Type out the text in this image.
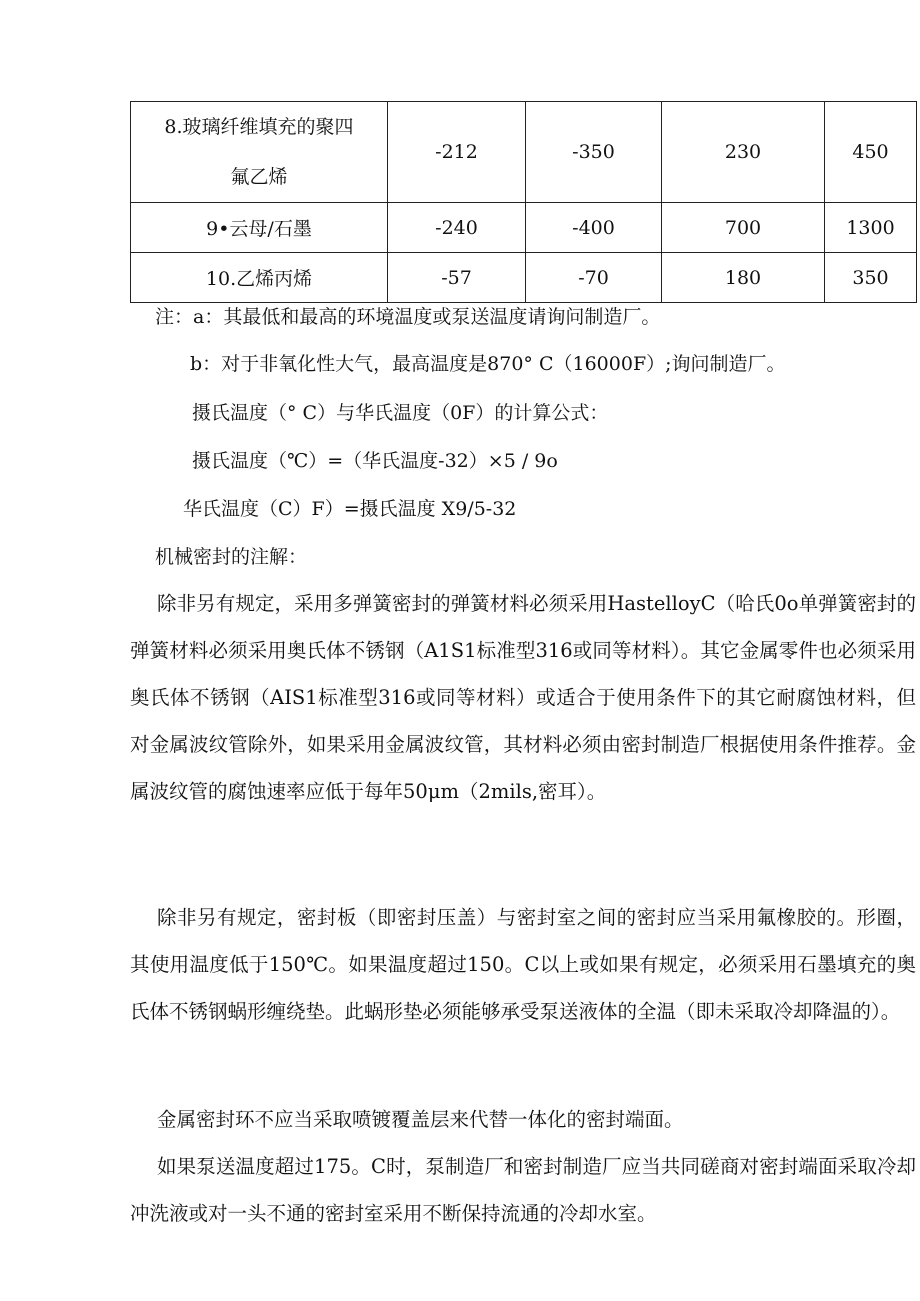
8.玻璃纤维填充的聚四
氟乙烯	-212	-350	230	450
9•云母/石墨	-240	-400	700	1300
10.乙烯丙烯	-57	-70	180	350
注：a：其最低和最高的环境温度或泵送温度请询问制造厂。
b：对于非氧化性大气，最高温度是870° C（16000F）;询问制造厂。
摄氏温度（° C）与华氏温度（0F）的计算公式：
摄氏温度（℃）=（华氏温度-32）×5 / 9o
华氏温度（C）F）=摄氏温度 X9/5-32
机械密封的注解：
除非另有规定，采用多弹簧密封的弹簧材料必须采用HastelloyC（哈氏0o单弹簧密封的弹簧材料必须采用奥氏体不锈钢（A1S1标准型316或同等材料）。其它金属零件也必须采用奥氏体不锈钢（AIS1标准型316或同等材料）或适合于使用条件下的其它耐腐蚀材料，但对金属波纹管除外，如果采用金属波纹管，其材料必须由密封制造厂根据使用条件推荐。金属波纹管的腐蚀速率应低于每年50μm（2mils,密耳）。
除非另有规定，密封板（即密封压盖）与密封室之间的密封应当采用氟橡胶的。形圈，其使用温度低于150℃。如果温度超过150。C以上或如果有规定，必须采用石墨填充的奥氏体不锈钢蜗形缠绕垫。此蜗形垫必须能够承受泵送液体的全温（即未采取冷却降温的）。
金属密封环不应当采取喷镀覆盖层来代替一体化的密封端面。
如果泵送温度超过175。C时，泵制造厂和密封制造厂应当共同磋商对密封端面采取冷却冲洗液或对一头不通的密封室采用不断保持流通的冷却水室。
